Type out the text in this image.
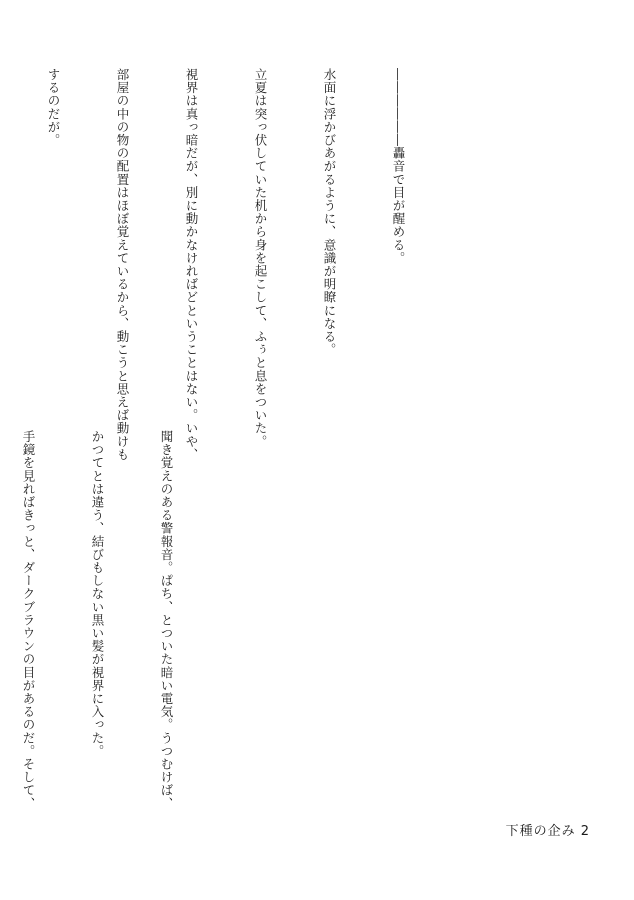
――――――轟音で目が醒める。

水面に浮かびあがるように、意識が明瞭になる。

立夏は突っ伏していた机から身を起こして、ふぅと息をついた。

視界は真っ暗だが、別に動かなければどということはない。いや、

部屋の中の物の配置はほぼ覚えているから、動こうと思えば動けも

するのだが。

聞き覚えのある警報音。ぱち、とついた暗い電気。うつむけば、

かつてとは違う、結びもしない黒い髪が視界に入った。

手鏡を見ればきっと、ダークブラウンの目があるのだ。そして、

下種の企み 2
